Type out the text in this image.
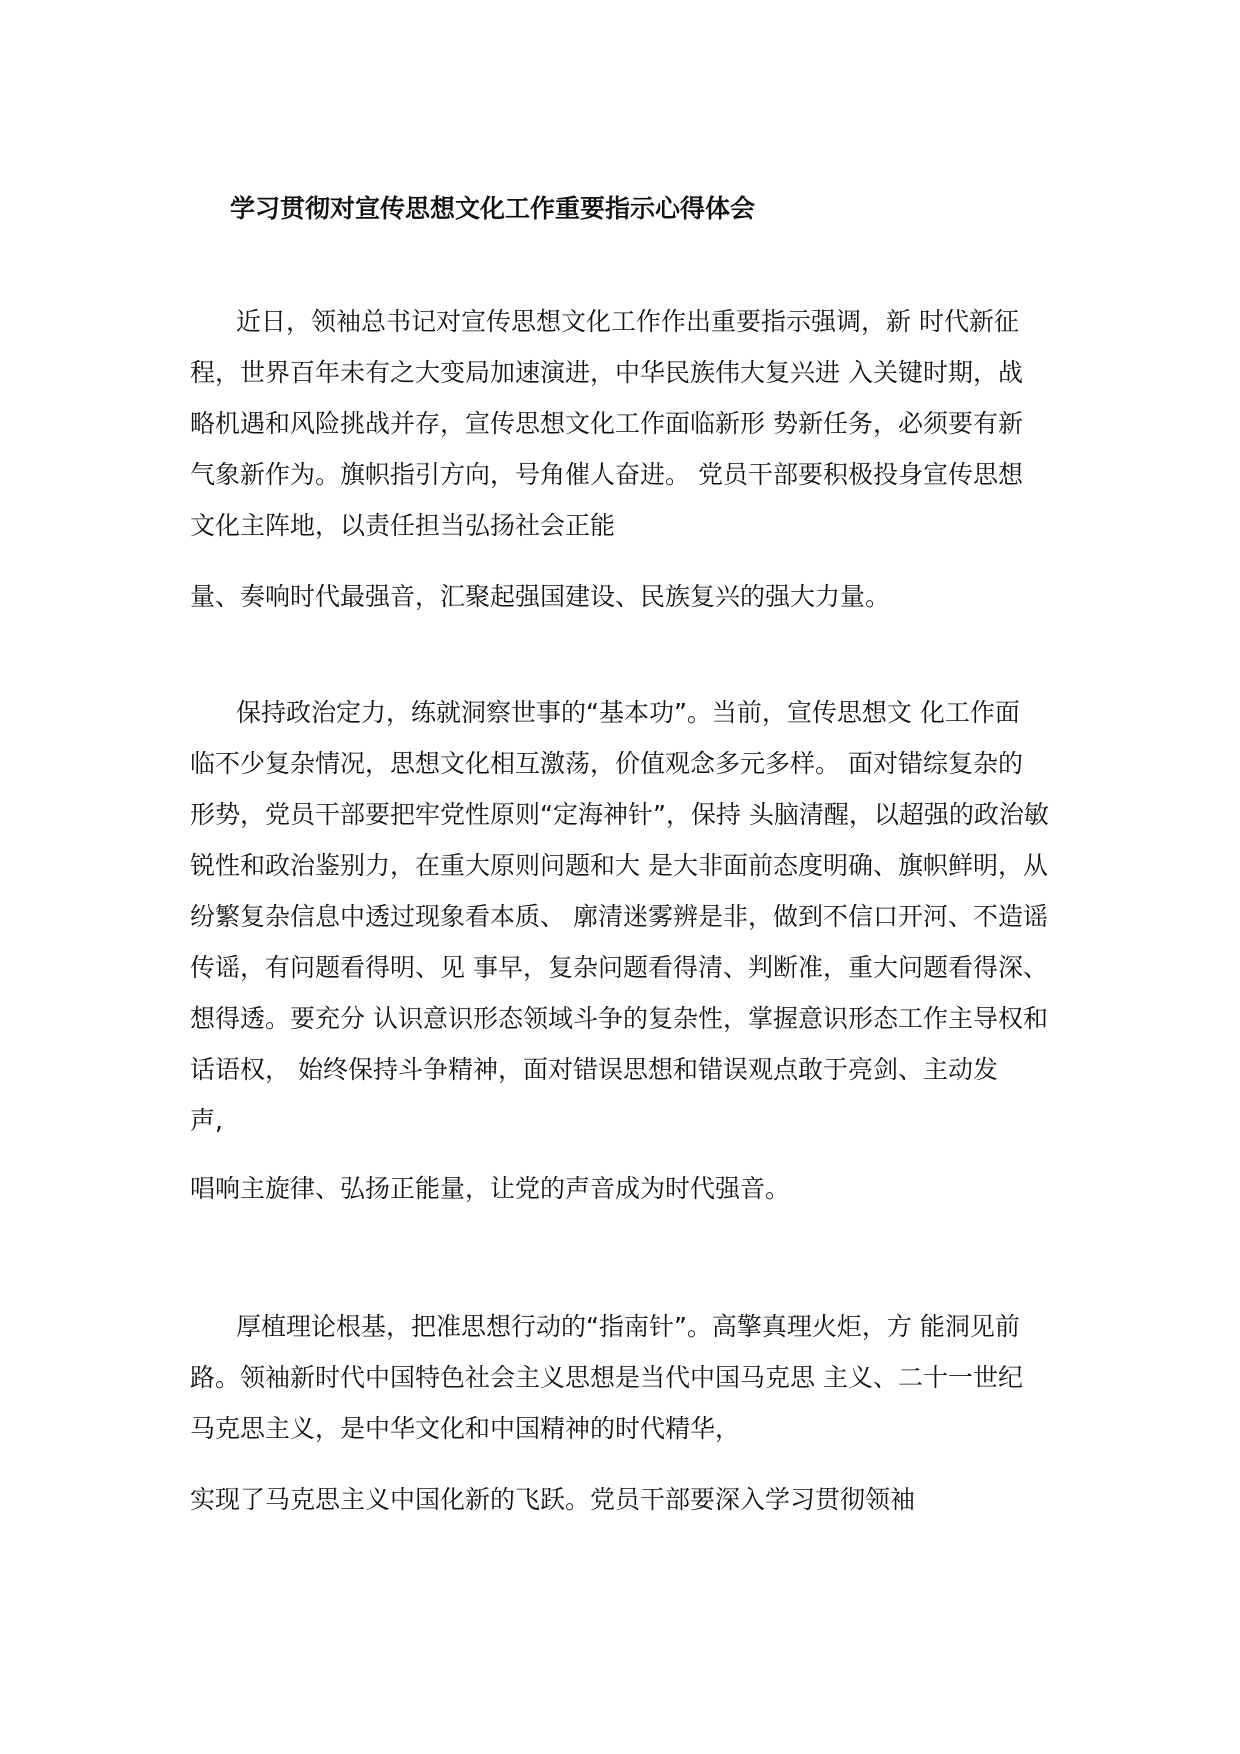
学习贯彻对宣传思想文化工作重要指示心得体会

近日，领袖总书记对宣传思想文化工作作出重要指示强调，新 时代新征

程，世界百年未有之大变局加速演进，中华民族伟大复兴进 入关键时期，战

略机遇和风险挑战并存，宣传思想文化工作面临新形 势新任务，必须要有新

气象新作为。旗帜指引方向，号角催人奋进。 党员干部要积极投身宣传思想

文化主阵地，以责任担当弘扬社会正能

量、奏响时代最强音，汇聚起强国建设、民族复兴的强大力量。

保持政治定力，练就洞察世事的“基本功”。当前，宣传思想文 化工作面

临不少复杂情况，思想文化相互激荡，价值观念多元多样。 面对错综复杂的

形势，党员干部要把牢党性原则“定海神针”，保持 头脑清醒，以超强的政治敏

锐性和政治鉴别力，在重大原则问题和大 是大非面前态度明确、旗帜鲜明，从

纷繁复杂信息中透过现象看本质、 廓清迷雾辨是非，做到不信口开河、不造谣

传谣，有问题看得明、见 事早，复杂问题看得清、判断准，重大问题看得深、

想得透。要充分 认识意识形态领域斗争的复杂性，掌握意识形态工作主导权和

话语权， 始终保持斗争精神，面对错误思想和错误观点敢于亮剑、主动发

声,

唱响主旋律、弘扬正能量，让党的声音成为时代强音。

厚植理论根基，把准思想行动的“指南针”。高擎真理火炬，方 能洞见前

路。领袖新时代中国特色社会主义思想是当代中国马克思 主义、二十一世纪

马克思主义，是中华文化和中国精神的时代精华，

实现了马克思主义中国化新的飞跃。党员干部要深入学习贯彻领袖
